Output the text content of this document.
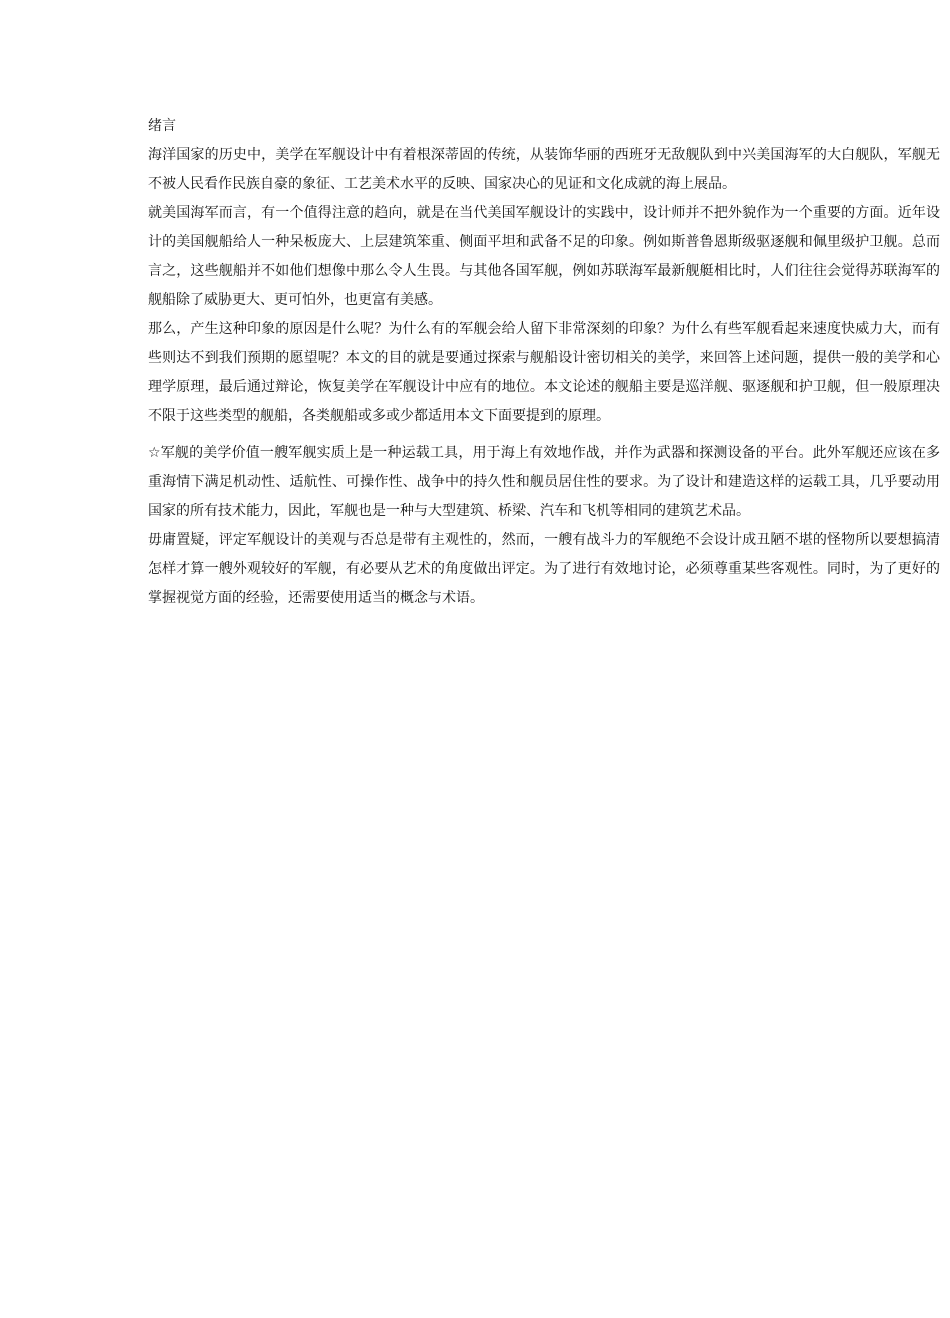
绪言

海洋国家的历史中，美学在军舰设计中有着根深蒂固的传统，从装饰华丽的西班牙无敌舰队到中兴美国海军的大白舰队，军舰无不被人民看作民族自豪的象征、工艺美术水平的反映、国家决心的见证和文化成就的海上展品。

就美国海军而言，有一个值得注意的趋向，就是在当代美国军舰设计的实践中，设计师并不把外貌作为一个重要的方面。近年设计的美国舰船给人一种呆板庞大、上层建筑笨重、侧面平坦和武备不足的印象。例如斯普鲁恩斯级驱逐舰和佩里级护卫舰。总而言之，这些舰船并不如他们想像中那么令人生畏。与其他各国军舰，例如苏联海军最新舰艇相比时，人们往往会觉得苏联海军的舰船除了威胁更大、更可怕外，也更富有美感。

那么，产生这种印象的原因是什么呢？为什么有的军舰会给人留下非常深刻的印象？为什么有些军舰看起来速度快威力大，而有些则达不到我们预期的愿望呢？本文的目的就是要通过探索与舰船设计密切相关的美学，来回答上述问题，提供一般的美学和心理学原理，最后通过辩论，恢复美学在军舰设计中应有的地位。本文论述的舰船主要是巡洋舰、驱逐舰和护卫舰，但一般原理决不限于这些类型的舰船，各类舰船或多或少都适用本文下面要提到的原理。

☆军舰的美学价值一艘军舰实质上是一种运载工具，用于海上有效地作战，并作为武器和探测设备的平台。此外军舰还应该在多重海情下满足机动性、适航性、可操作性、战争中的持久性和舰员居住性的要求。为了设计和建造这样的运载工具，几乎要动用国家的所有技术能力，因此，军舰也是一种与大型建筑、桥梁、汽车和飞机等相同的建筑艺术品。

毋庸置疑，评定军舰设计的美观与否总是带有主观性的，然而，一艘有战斗力的军舰绝不会设计成丑陋不堪的怪物所以要想搞清怎样才算一艘外观较好的军舰，有必要从艺术的角度做出评定。为了进行有效地讨论，必须尊重某些客观性。同时，为了更好的掌握视觉方面的经验，还需要使用适当的概念与术语。
